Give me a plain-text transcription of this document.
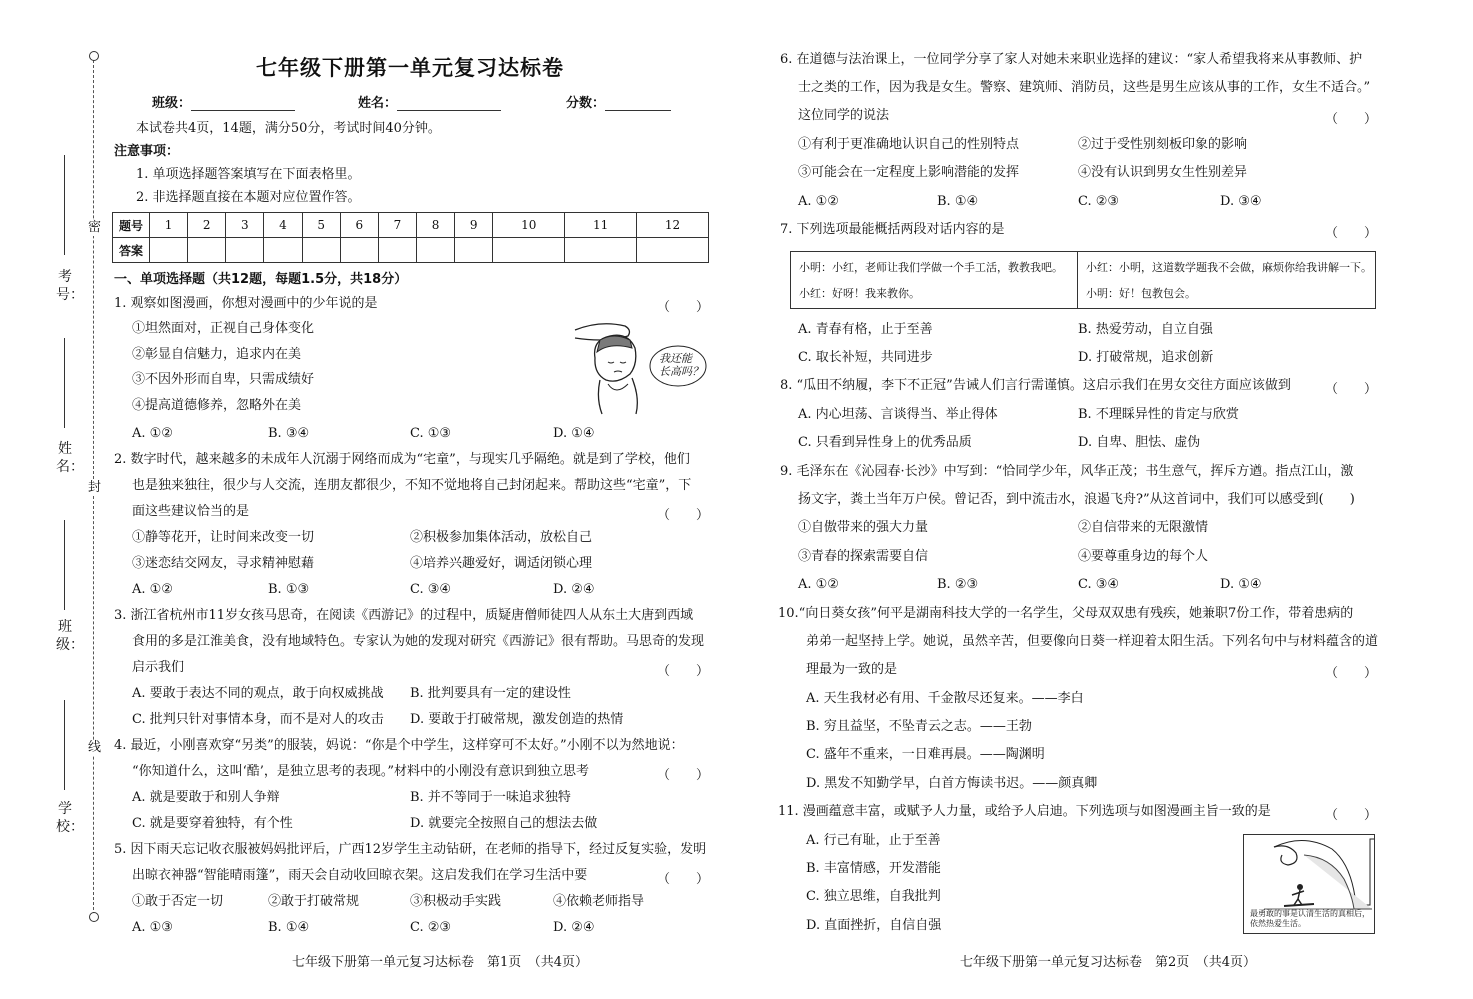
密
封
线
考号：
姓名：
班级：
学校：
七年级下册第一单元复习达标卷
班级：	姓名：	分数：
本试卷共4页，14题，满分50分，考试时间40分钟。
注意事项：
1. 单项选择题答案填写在下面表格里。
2. 非选择题直接在本题对应位置作答。
题号	1	2	3	4	5	6	7	8	9	10	11	12
答案												
一、单项选择题（共12题，每题1.5分，共18分）
1. 观察如图漫画，你想对漫画中的少年说的是	（　　）
①坦然面对，正视自己身体变化
②彰显自信魅力，追求内在美
③不因外形而自卑，只需成绩好
④提高道德修养，忽略外在美
A. ①②	B. ③④	C. ①③	D. ①④
我还能
长高吗？
2. 数字时代，越来越多的未成年人沉溺于网络而成为“宅童”，与现实几乎隔绝。就是到了学校，他们
也是独来独往，很少与人交流，连朋友都很少，不知不觉地将自己封闭起来。帮助这些“宅童”，下
面这些建议恰当的是	（　　）
①静等花开，让时间来改变一切	②积极参加集体活动，放松自己
③迷恋结交网友，寻求精神慰藉	④培养兴趣爱好，调适闭锁心理
A. ①②	B. ①③	C. ③④	D. ②④
3. 浙江省杭州市11岁女孩马思奇，在阅读《西游记》的过程中，质疑唐僧师徒四人从东土大唐到西域
食用的多是江淮美食，没有地域特色。专家认为她的发现对研究《西游记》很有帮助。马思奇的发现
启示我们	（　　）
A. 要敢于表达不同的观点，敢于向权威挑战 B. 批判要具有一定的建设性
C. 批判只针对事情本身，而不是对人的攻击 D. 要敢于打破常规，激发创造的热情
4. 最近，小刚喜欢穿“另类”的服装，妈说：“你是个中学生，这样穿可不太好。”小刚不以为然地说：
“你知道什么，这叫‘酷’，是独立思考的表现。”材料中的小刚没有意识到独立思考	（　　）
A. 就是要敢于和别人争辩	B. 并不等同于一味追求独特
C. 就是要穿着独特，有个性	D. 就要完全按照自己的想法去做
5. 因下雨天忘记收衣服被妈妈批评后，广西12岁学生主动钻研，在老师的指导下，经过反复实验，发明
出晾衣神器“智能晴雨篷”，雨天会自动收回晾衣架。这启发我们在学习生活中要	（　　）
①敢于否定一切	②敢于打破常规	③积极动手实践	④依赖老师指导
A. ①③	B. ①④	C. ②③	D. ②④
七年级下册第一单元复习达标卷　第1页　（共4页）
6. 在道德与法治课上，一位同学分享了家人对她未来职业选择的建议：“家人希望我将来从事教师、护
士之类的工作，因为我是女生。警察、建筑师、消防员，这些是男生应该从事的工作，女生不适合。”
这位同学的说法	（　　）
①有利于更准确地认识自己的性别特点	②过于受性别刻板印象的影响
③可能会在一定程度上影响潜能的发挥	④没有认识到男女生性别差异
A. ①②	B. ①④	C. ②③	D. ③④
7. 下列选项最能概括两段对话内容的是	（　　）
小明：小红，老师让我们学做一个手工活，教教我吧。
小红：好呀！我来教你。
小红：小明，这道数学题我不会做，麻烦你给我讲解一下。
小明：好！包教包会。
A. 青春有格，止于至善	B. 热爱劳动，自立自强
C. 取长补短，共同进步	D. 打破常规，追求创新
8. “瓜田不纳履，李下不正冠”告诫人们言行需谨慎。这启示我们在男女交往方面应该做到	（　　）
A. 内心坦荡、言谈得当、举止得体	B. 不理睬异性的肯定与欣赏
C. 只看到异性身上的优秀品质	D. 自卑、胆怯、虚伪
9. 毛泽东在《沁园春·长沙》中写到：“恰同学少年，风华正茂；书生意气，挥斥方遒。指点江山，激
扬文字，粪土当年万户侯。曾记否，到中流击水，浪遏飞舟?”从这首词中，我们可以感受到(　　)
①自傲带来的强大力量	②自信带来的无限激情
③青春的探索需要自信	④要尊重身边的每个人
A. ①②	B. ②③	C. ③④	D. ①④
10.“向日葵女孩”何平是湖南科技大学的一名学生，父母双双患有残疾，她兼职7份工作，带着患病的
弟弟一起坚持上学。她说，虽然辛苦，但要像向日葵一样迎着太阳生活。下列名句中与材料蕴含的道
理最为一致的是	（　　）
A. 天生我材必有用、千金散尽还复来。——李白
B. 穷且益坚，不坠青云之志。——王勃
C. 盛年不重来，一日难再晨。——陶渊明
D. 黑发不知勤学早，白首方悔读书迟。——颜真卿
11. 漫画蕴意丰富，或赋予人力量，或给予人启迪。下列选项与如图漫画主旨一致的是	（　　）
A. 行己有耻，止于至善
B. 丰富情感，开发潜能
C. 独立思维，自我批判
D. 直面挫折，自信自强
最勇敢的事是认清生活的真相后，
依然热爱生活。
七年级下册第一单元复习达标卷　第2页　（共4页）
